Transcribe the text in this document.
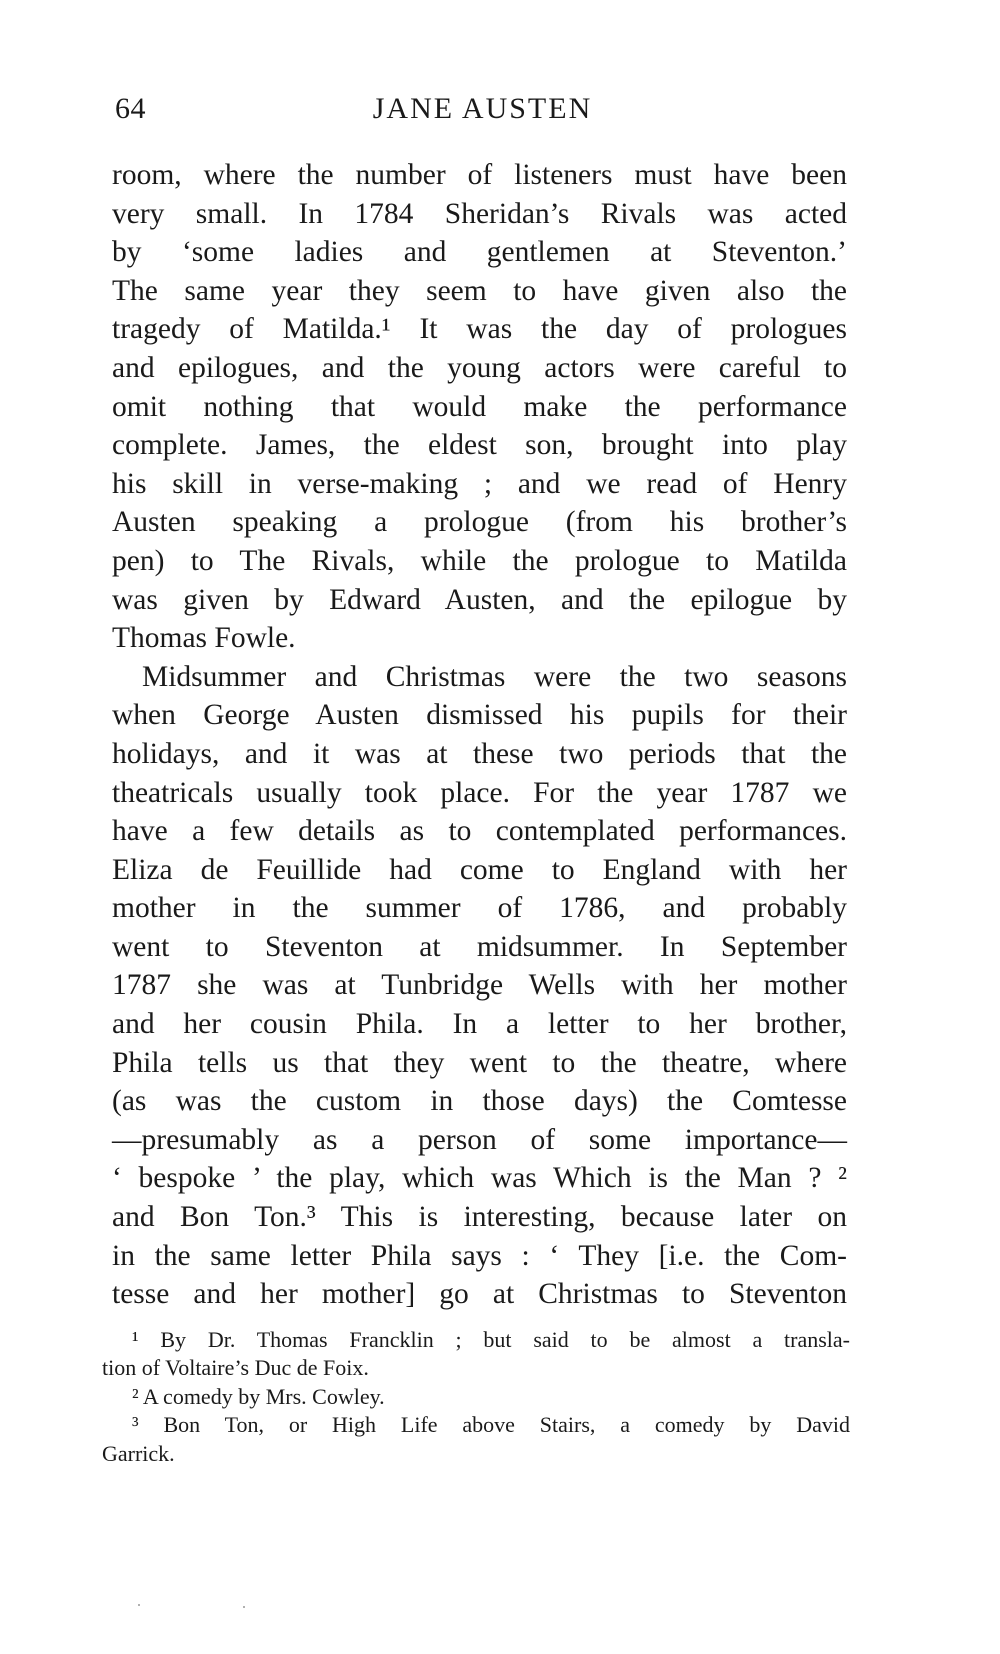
64	JANE AUSTEN
room, where the number of listeners must have been
very small. In 1784 Sheridan’s Rivals was acted
by ‘some ladies and gentlemen at Steventon.’
The same year they seem to have given also the
tragedy of Matilda.¹ It was the day of prologues
and epilogues, and the young actors were careful to
omit nothing that would make the performance
complete. James, the eldest son, brought into play
his skill in verse-making ; and we read of Henry
Austen speaking a prologue (from his brother’s
pen) to The Rivals, while the prologue to Matilda
was given by Edward Austen, and the epilogue by
Thomas Fowle.
Midsummer and Christmas were the two seasons
when George Austen dismissed his pupils for their
holidays, and it was at these two periods that the
theatricals usually took place. For the year 1787 we
have a few details as to contemplated performances.
Eliza de Feuillide had come to England with her
mother in the summer of 1786, and probably
went to Steventon at midsummer. In September
1787 she was at Tunbridge Wells with her mother
and her cousin Phila. In a letter to her brother,
Phila tells us that they went to the theatre, where
(as was the custom in those days) the Comtesse
—presumably as a person of some importance—
‘ bespoke ’ the play, which was Which is the Man ? ²
and Bon Ton.³ This is interesting, because later on
in the same letter Phila says : ‘ They [i.e. the Com-
tesse and her mother] go at Christmas to Steventon
¹ By Dr. Thomas Francklin ; but said to be almost a transla-
tion of Voltaire’s Duc de Foix.
² A comedy by Mrs. Cowley.
³ Bon Ton, or High Life above Stairs, a comedy by David
Garrick.
